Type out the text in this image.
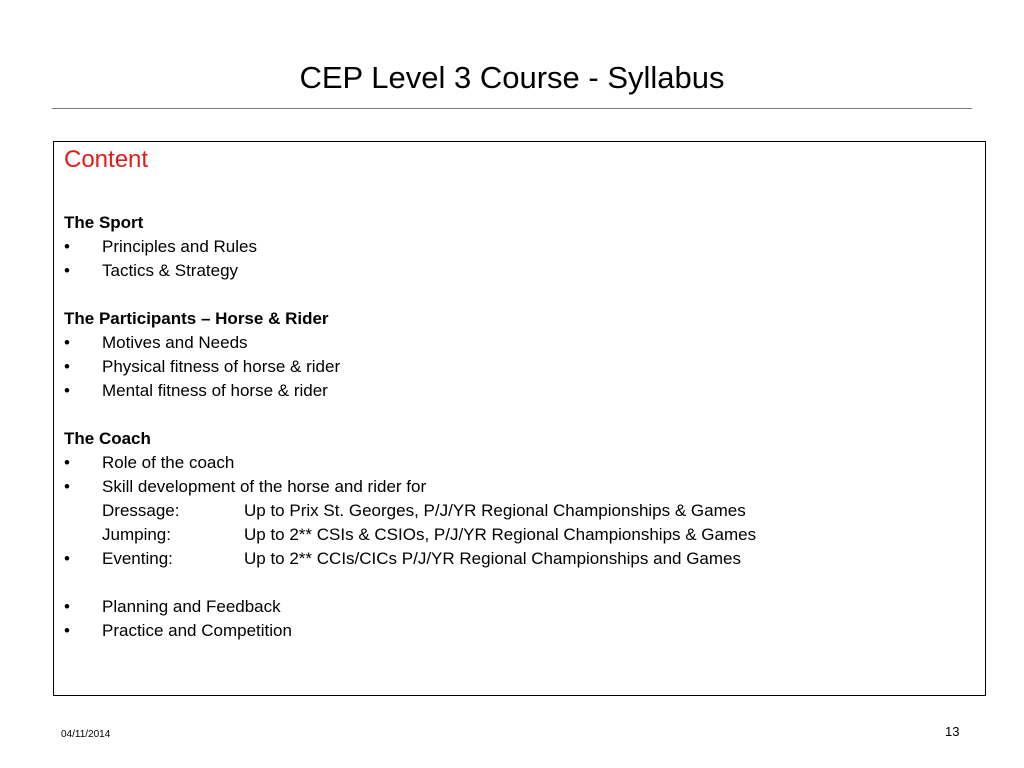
CEP Level 3 Course - Syllabus
Content
The Sport
• Principles and Rules
• Tactics & Strategy
The Participants – Horse & Rider
• Motives and Needs
• Physical fitness of horse & rider
• Mental fitness of horse & rider
The Coach
• Role of the coach
• Skill development of the horse and rider for
Dressage:	Up to Prix St. Georges, P/J/YR Regional Championships & Games
Jumping:	Up to 2** CSIs & CSIOs, P/J/YR Regional Championships & Games
• Eventing:	Up to 2** CCIs/CICs P/J/YR Regional Championships and Games
• Planning and Feedback
• Practice and Competition
04/11/2014	13
